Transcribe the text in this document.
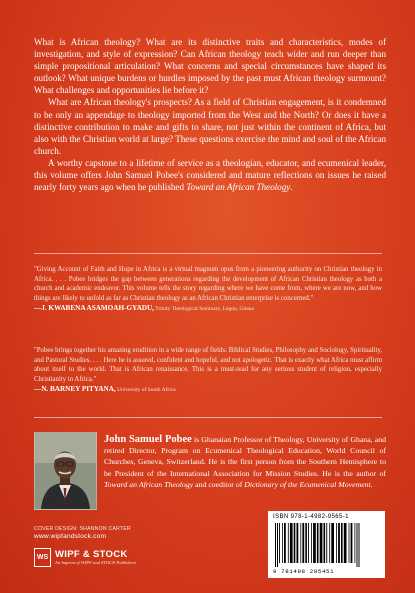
What is African theology? What are its distinctive traits and characteristics, modes of investigation, and style of expression? Can African theology teach wider and run deeper than simple propositional articulation? What concerns and special circumstances have shaped its outlook? What unique burdens or hurdles imposed by the past must African theology surmount? What challenges and opportunities lie before it?

What are African theology's prospects? As a field of Christian engagement, is it condemned to be only an appendage to theology imported from the West and the North? Or does it have a distinctive contribution to make and gifts to share, not just within the continent of Africa, but also with the Christian world at large? These questions exercise the mind and soul of the African church.

A worthy capstone to a lifetime of service as a theologian, educator, and ecumenical leader, this volume offers John Samuel Pobee's considered and mature reflections on issues he raised nearly forty years ago when he published Toward an African Theology.

"Giving Account of Faith and Hope in Africa is a virtual magnum opus from a pioneering authority on Christian theology in Africa. . . . Pobee bridges the gap between generations regarding the development of African Christian theology as both a church and academic endeavor. This volume tells the story regarding where we have come from, where we are now, and how things are likely to unfold as far as Christian theology as an African Christian enterprise is concerned."
—J. KWABENA ASAMOAH-GYADU, Trinity Theological Seminary, Legon, Ghana
"Pobee brings together his amazing erudition in a wide range of fields: Biblical Studies, Philosophy and Sociology, Spirituality, and Pastoral Studies. . . . Here he is assured, confident and hopeful, and not apologetic. That is exactly what Africa must affirm about itself to the world. That is African renaissance. This is a must-read for any serious student of religion, especially Christianity in Africa."
—N. BARNEY PITYANA, University of South Africa

John Samuel Pobee is Ghanaian Professor of Theology, University of Ghana, and retired Director, Program on Ecumenical Theological Education, World Council of Churches, Geneva, Switzerland. He is the first person from the Southern Hemisphere to be President of the International Association for Mission Studies. He is the author of Toward an African Theology and coeditor of Dictionary of the Ecumenical Movement.

COVER DESIGN: SHANNON CARTER
www.wipfandstock.com
WS WIPF & STOCK
An Imprint of WIPF and STOCK Publishers
ISBN 978-1-4982-9565-1
9 781498 295451
